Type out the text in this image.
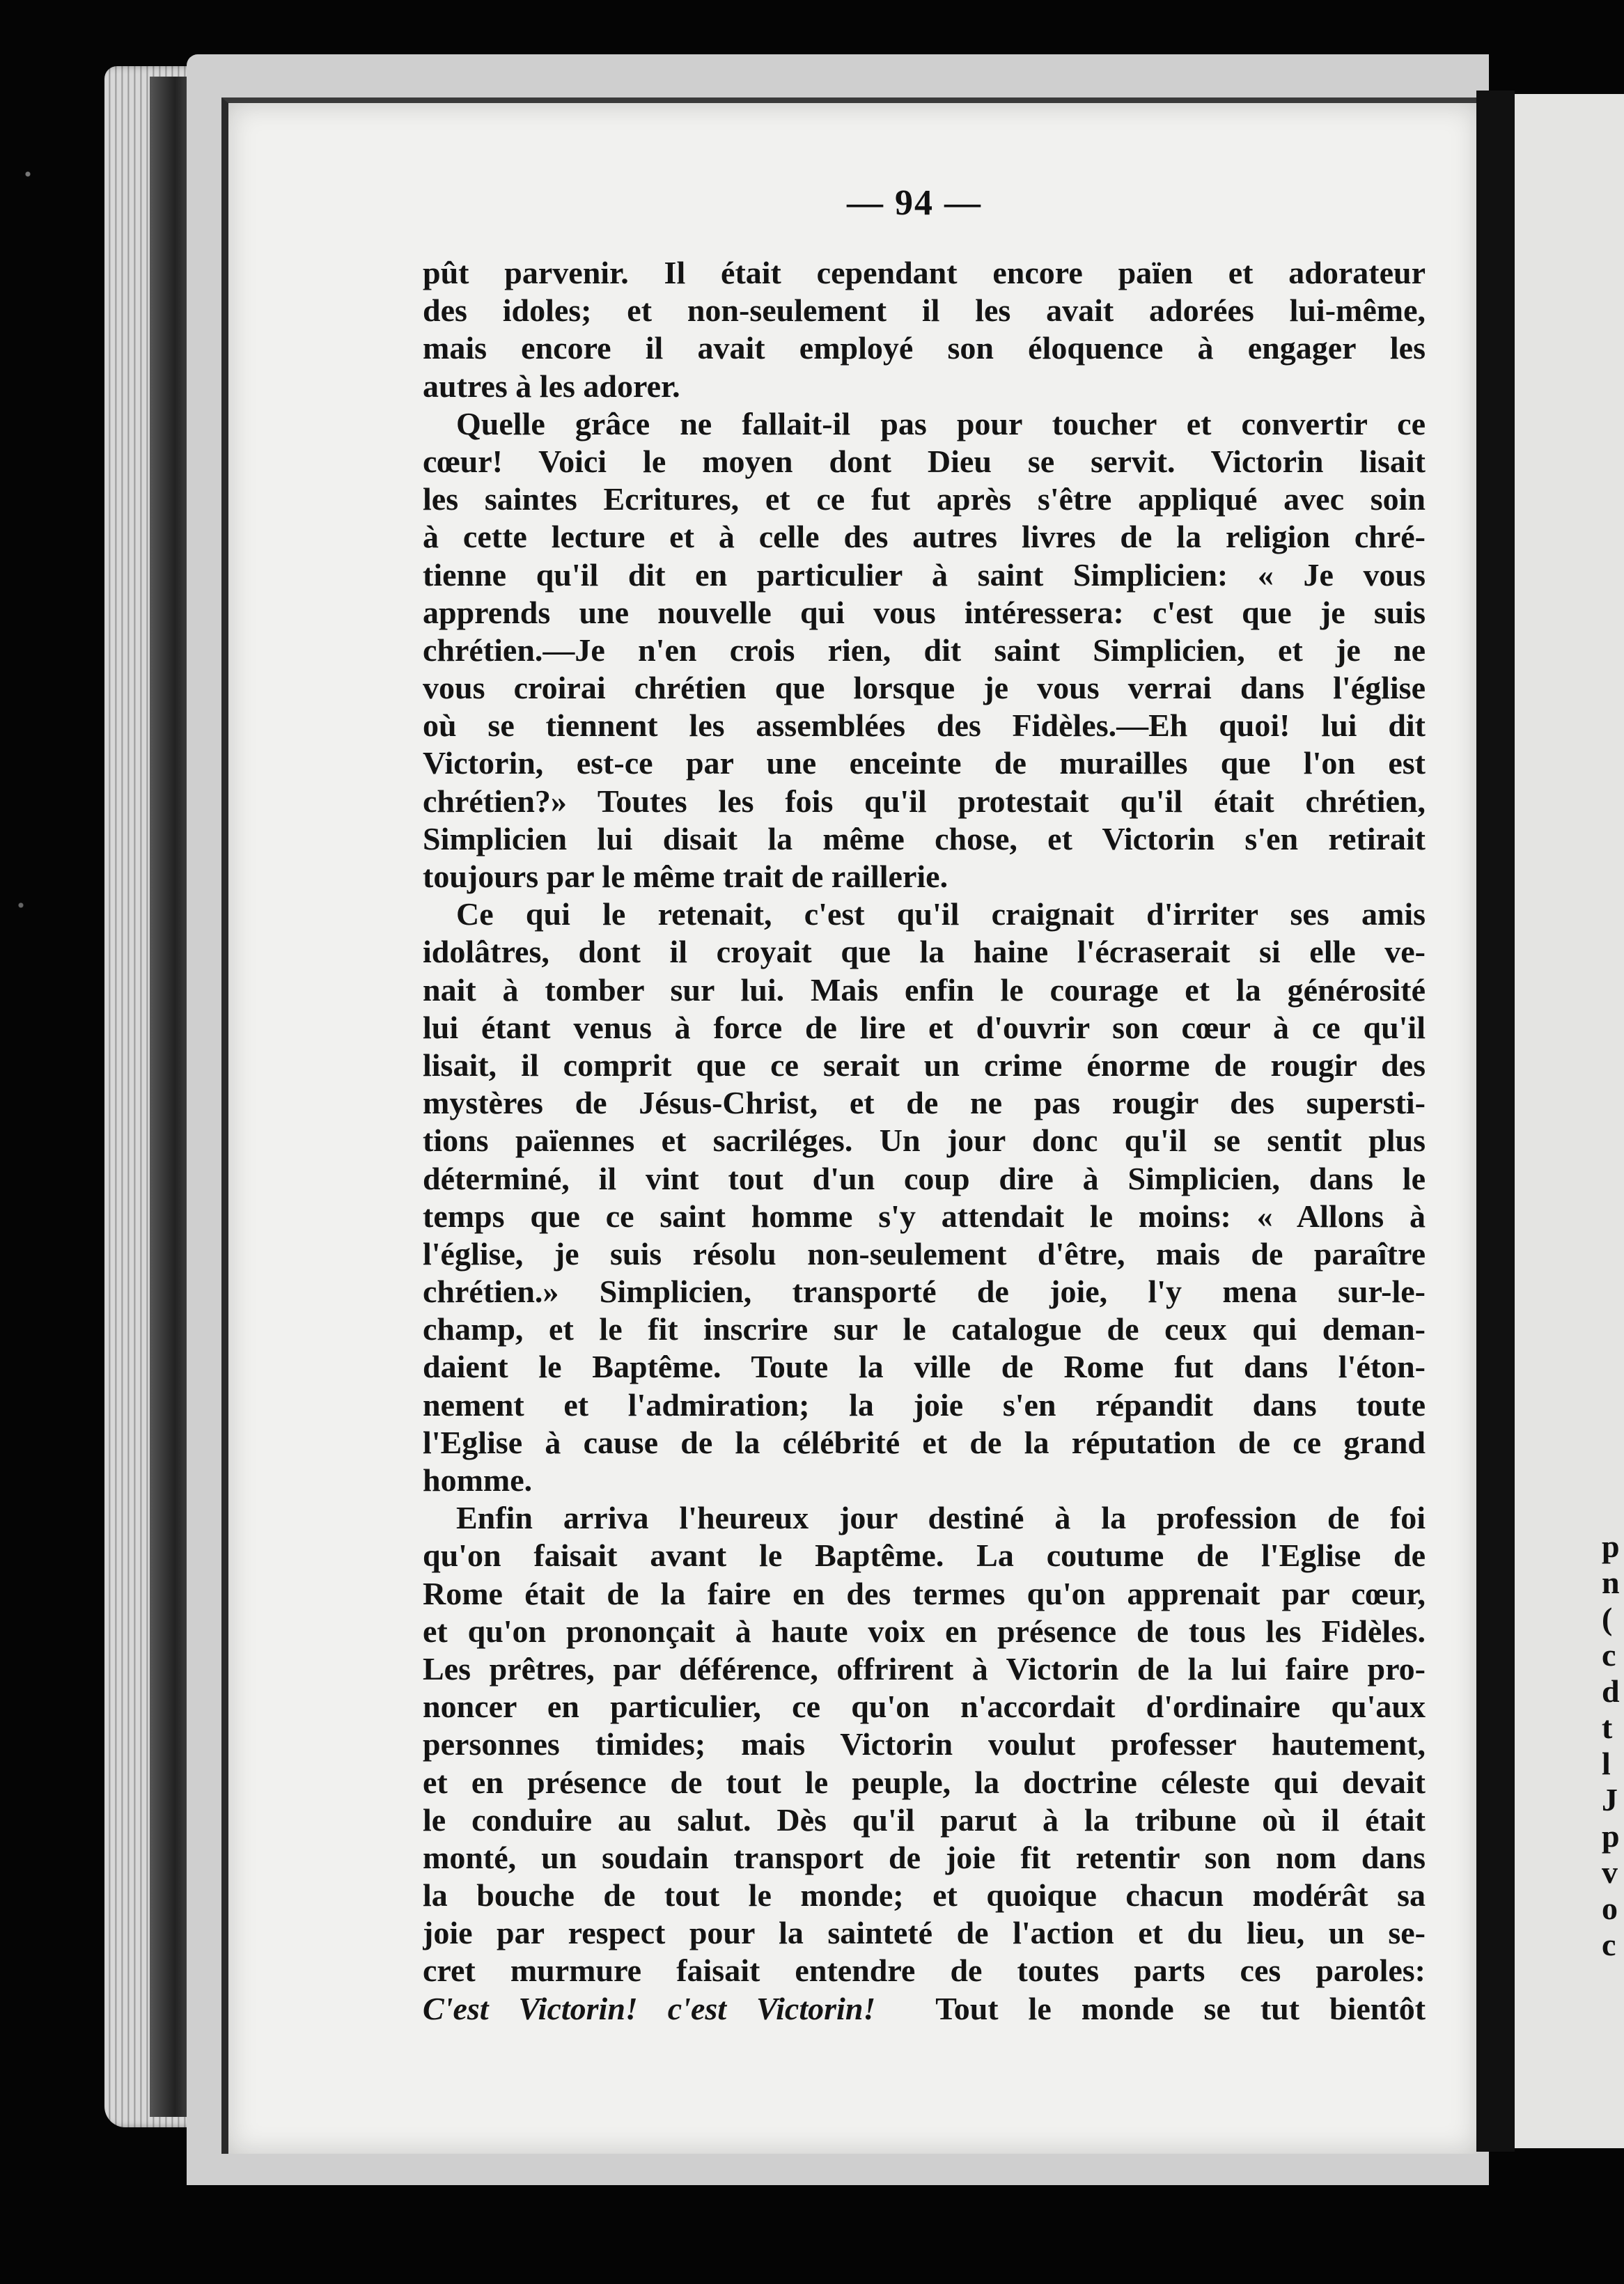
p
n
(
c
d
t
l
J
p
v
o
c
— 94 —
pût parvenir. Il était cependant encore païen et adorateur
des idoles; et non-seulement il les avait adorées lui-même,
mais encore il avait employé son éloquence à engager les
autres à les adorer.
Quelle grâce ne fallait-il pas pour toucher et convertir ce
cœur! Voici le moyen dont Dieu se servit. Victorin lisait
les saintes Ecritures, et ce fut après s'être appliqué avec soin
à cette lecture et à celle des autres livres de la religion chré-
tienne qu'il dit en particulier à saint Simplicien: « Je vous
apprends une nouvelle qui vous intéressera: c'est que je suis
chrétien.—Je n'en crois rien, dit saint Simplicien, et je ne
vous croirai chrétien que lorsque je vous verrai dans l'église
où se tiennent les assemblées des Fidèles.—Eh quoi! lui dit
Victorin, est-ce par une enceinte de murailles que l'on est
chrétien?» Toutes les fois qu'il protestait qu'il était chrétien,
Simplicien lui disait la même chose, et Victorin s'en retirait
toujours par le même trait de raillerie.
Ce qui le retenait, c'est qu'il craignait d'irriter ses amis
idolâtres, dont il croyait que la haine l'écraserait si elle ve-
nait à tomber sur lui. Mais enfin le courage et la générosité
lui étant venus à force de lire et d'ouvrir son cœur à ce qu'il
lisait, il comprit que ce serait un crime énorme de rougir des
mystères de Jésus-Christ, et de ne pas rougir des supersti-
tions païennes et sacriléges. Un jour donc qu'il se sentit plus
déterminé, il vint tout d'un coup dire à Simplicien, dans le
temps que ce saint homme s'y attendait le moins: « Allons à
l'église, je suis résolu non-seulement d'être, mais de paraître
chrétien.» Simplicien, transporté de joie, l'y mena sur-le-
champ, et le fit inscrire sur le catalogue de ceux qui deman-
daient le Baptême. Toute la ville de Rome fut dans l'éton-
nement et l'admiration; la joie s'en répandit dans toute
l'Eglise à cause de la célébrité et de la réputation de ce grand
homme.
Enfin arriva l'heureux jour destiné à la profession de foi
qu'on faisait avant le Baptême. La coutume de l'Eglise de
Rome était de la faire en des termes qu'on apprenait par cœur,
et qu'on prononçait à haute voix en présence de tous les Fidèles.
Les prêtres, par déférence, offrirent à Victorin de la lui faire pro-
noncer en particulier, ce qu'on n'accordait d'ordinaire qu'aux
personnes timides; mais Victorin voulut professer hautement,
et en présence de tout le peuple, la doctrine céleste qui devait
le conduire au salut. Dès qu'il parut à la tribune où il était
monté, un soudain transport de joie fit retentir son nom dans
la bouche de tout le monde; et quoique chacun modérât sa
joie par respect pour la sainteté de l'action et du lieu, un se-
cret murmure faisait entendre de toutes parts ces paroles:
C'est Victorin! c'est Victorin! Tout le monde se tut bientôt
